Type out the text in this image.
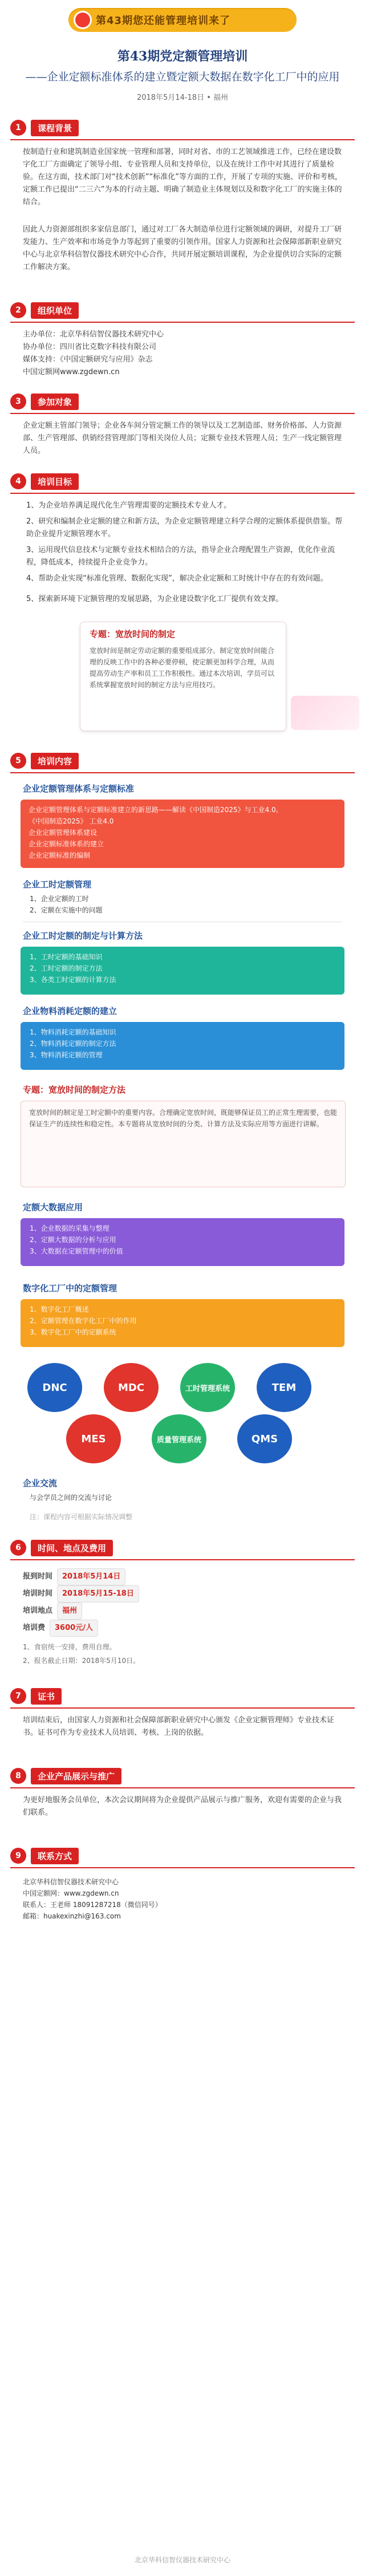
第43期您还能管理培训来了
第43期党定额管理培训
——企业定额标准体系的建立暨定额大数据在数字化工厂中的应用
2018年5月14-18日 • 福州
1	课程背景
按制造行业和建筑制造业国家统一管理和部署，同时对省、市的工艺领域推进工作，已经在建设数字化工厂方面确定了领导小组、专业管理人员和支持单位，以及在统计工作中对其进行了质量检验。在这方面，技术部门对“技术创新”“标准化”等方面的工作，开展了专项的实施、评价和考核，定额工作已提出“二三六”为本的行动主题、明确了制造业主体规划以及和数字化工厂的实施主体的结合。
因此人力资源部组织多家信息部门，通过对工厂各大制造单位进行定额领域的调研，对提升工厂研发能力、生产效率和市场竞争力等起到了重要的引领作用。国家人力资源和社会保障部新职业研究中心与北京华科信智仪器技术研究中心合作，共同开展定额培训课程，为企业提供切合实际的定额工作解决方案。
2	组织单位
主办单位：北京华科信智仪器技术研究中心
协办单位：四川省比克数字科技有限公司
媒体支持：《中国定额研究与应用》杂志
中国定额网www.zgdewn.cn
3	参加对象
企业定额主管部门领导；企业各车间分管定额工作的领导以及工艺制造部、财务价格部、人力资源部、生产管理部、供销经营管理部门等相关岗位人员；定额专业技术管理人员；生产一线定额管理人员。
4	培训目标
1、为企业培养满足现代化生产管理需要的定额技术专业人才。
2、研究和编制企业定额的建立和新方法，为企业定额管理建立科学合理的定额体系提供借鉴。帮助企业提升定额管理水平。
3、运用现代信息技术与定额专业技术相结合的方法，指导企业合理配置生产资源，优化作业流程，降低成本，持续提升企业竞争力。
4、帮助企业实现“标准化管理、数据化实现”，解决企业定额和工时统计中存在的有效问题。
5、探索新环境下定额管理的发展思路，为企业建设数字化工厂提供有效支撑。
专题：宽放时间的制定
宽放时间是制定劳动定额的重要组成部分。制定宽放时间能合理的反映工作中的各种必要停顿，使定额更加科学合理，从而提高劳动生产率和员工工作积极性。通过本次培训，学员可以系统掌握宽放时间的制定方法与应用技巧。
5	培训内容
企业定额管理体系与定额标准
企业定额管理体系与定额标准建立的新思路——解读《中国制造2025》与工业4.0。
《中国制造2025》 工业4.0
企业定额管理体系建设
企业定额标准体系的建立
企业定额标准的编制
企业工时定额管理
1、企业定额的工时
2、定额在实施中的问题
企业工时定额的制定与计算方法
1、工时定额的基础知识
2、工时定额的制定方法
3、各类工时定额的计算方法
企业物料消耗定额的建立
1、物料消耗定额的基础知识
2、物料消耗定额的制定方法
3、物料消耗定额的管理
专题：宽放时间的制定方法
宽放时间的制定是工时定额中的重要内容。合理确定宽放时间，既能够保证员工的正常生理需要，也能保证生产的连续性和稳定性。本专题将从宽放时间的分类、计算方法及实际应用等方面进行讲解。
定额大数据应用
1、企业数据的采集与整理
2、定额大数据的分析与应用
3、大数据在定额管理中的价值
数字化工厂中的定额管理
1、数字化工厂概述
2、定额管理在数字化工厂中的作用
3、数字化工厂中的定额系统
DNC	MDC	工时管理系统	TEM
MES	质量管理系统	QMS
企业交流
与会学员之间的交流与讨论
注：课程内容可根据实际情况调整
6	时间、地点及费用
报到时间 2018年5月14日
培训时间 2018年5月15-18日
培训地点 福州
培训费 3600元/人
1、食宿统一安排，费用自理。
2、报名截止日期：2018年5月10日。
7	证书
培训结束后，由国家人力资源和社会保障部新职业研究中心颁发《企业定额管理师》专业技术证书。证书可作为专业技术人员培训、考核、上岗的依据。
8	企业产品展示与推广
为更好地服务会员单位，本次会议期间将为企业提供产品展示与推广服务，欢迎有需要的企业与我们联系。
9	联系方式
北京华科信智仪器技术研究中心
中国定额网：www.zgdewn.cn
联系人：王老师 18091287218（微信同号）
邮箱：huakexinzhi@163.com
北京华科信智仪器技术研究中心
